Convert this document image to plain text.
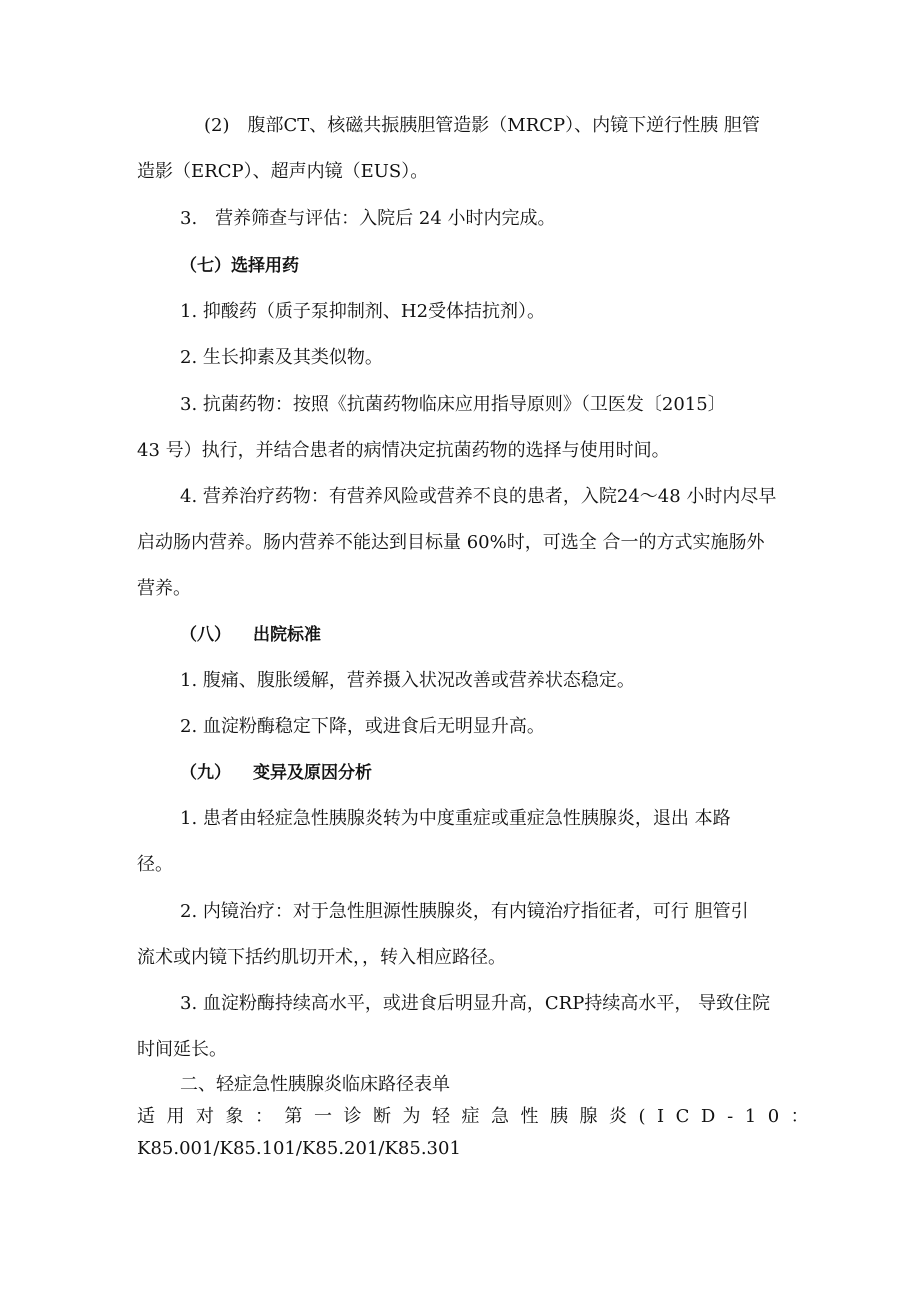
(2)　腹部CT、核磁共振胰胆管造影（MRCP）、内镜下逆行性胰 胆管
造影（ERCP）、超声内镜（EUS）。
3.　营养筛查与评估：入院后 24 小时内完成。
（七）选择用药
1. 抑酸药（质子泵抑制剂、H2受体拮抗剂）。
2. 生长抑素及其类似物。
3. 抗菌药物：按照《抗菌药物临床应用指导原则》（卫医发〔2015〕
43 号）执行，并结合患者的病情决定抗菌药物的选择与使用时间。
4. 营养治疗药物：有营养风险或营养不良的患者，入院24～48 小时内尽早
启动肠内营养。肠内营养不能达到目标量 60%时，可选全 合一的方式实施肠外
营养。
（八） 出院标准
1. 腹痛、腹胀缓解，营养摄入状况改善或营养状态稳定。
2. 血淀粉酶稳定下降，或进食后无明显升高。
（九） 变异及原因分析
1. 患者由轻症急性胰腺炎转为中度重症或重症急性胰腺炎，退出 本路
径。
2. 内镜治疗：对于急性胆源性胰腺炎，有内镜治疗指征者，可行 胆管引
流术或内镜下括约肌切开术，，转入相应路径。
3. 血淀粉酶持续高水平，或进食后明显升高，CRP持续高水平， 导致住院
时间延长。
二、轻症急性胰腺炎临床路径表单
适用对象：第一诊断为轻症急性胰腺炎(ICD-10：
K85.001/K85.101/K85.201/K85.301
